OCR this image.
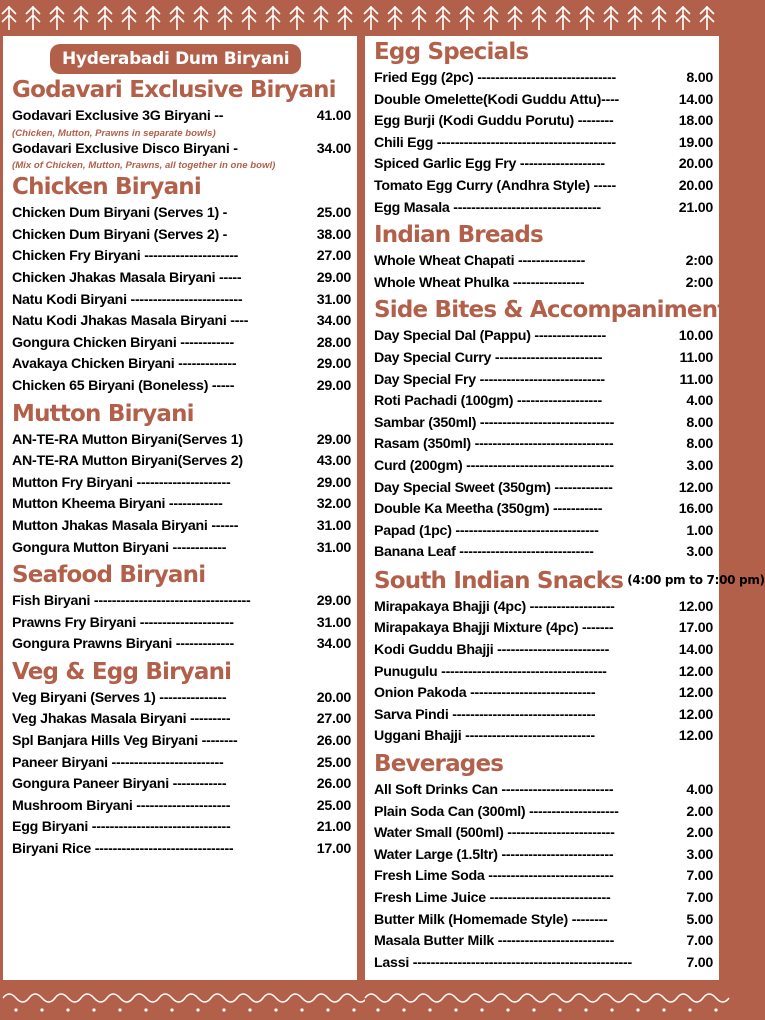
Hyderabadi Dum Biryani
Godavari Exclusive Biryani
Godavari Exclusive 3G Biryani --	41.00
(Chicken, Mutton, Prawns in separate bowls)
Godavari Exclusive Disco Biryani -	34.00
(Mix of Chicken, Mutton, Prawns, all together in one bowl)
Chicken Biryani
Chicken Dum Biryani (Serves 1) -	25.00
Chicken Dum Biryani (Serves 2) -	38.00
Chicken Fry Biryani ---------------------	27.00
Chicken Jhakas Masala Biryani -----	29.00
Natu Kodi Biryani -------------------------	31.00
Natu Kodi Jhakas Masala Biryani ----	34.00
Gongura Chicken Biryani ------------	28.00
Avakaya Chicken Biryani -------------	29.00
Chicken 65 Biryani (Boneless) -----	29.00
Mutton Biryani
AN-TE-RA Mutton Biryani(Serves 1)	29.00
AN-TE-RA Mutton Biryani(Serves 2)	43.00
Mutton Fry Biryani ---------------------	29.00
Mutton Kheema Biryani ------------	32.00
Mutton Jhakas Masala Biryani ------	31.00
Gongura Mutton Biryani ------------	31.00
Seafood Biryani
Fish Biryani -----------------------------------	29.00
Prawns Fry Biryani ---------------------	31.00
Gongura Prawns Biryani -------------	34.00
Veg & Egg Biryani
Veg Biryani (Serves 1) ---------------	20.00
Veg Jhakas Masala Biryani ---------	27.00
Spl Banjara Hills Veg Biryani --------	26.00
Paneer Biryani -------------------------	25.00
Gongura Paneer Biryani ------------	26.00
Mushroom Biryani ---------------------	25.00
Egg Biryani -------------------------------	21.00
Biryani Rice -------------------------------	17.00
Egg Specials
Fried Egg (2pc) -------------------------------	8.00
Double Omelette(Kodi Guddu Attu)----	14.00
Egg Burji (Kodi Guddu Porutu) --------	18.00
Chili Egg ----------------------------------------	19.00
Spiced Garlic Egg Fry -------------------	20.00
Tomato Egg Curry (Andhra Style) -----	20.00
Egg Masala ---------------------------------	21.00
Indian Breads
Whole Wheat Chapati ---------------	2:00
Whole Wheat Phulka ----------------	2:00
Side Bites & Accompaniments
Day Special Dal (Pappu) ----------------	10.00
Day Special Curry ------------------------	11.00
Day Special Fry ----------------------------	11.00
Roti Pachadi (100gm) -------------------	4.00
Sambar (350ml) ------------------------------	8.00
Rasam (350ml) -------------------------------	8.00
Curd (200gm) ---------------------------------	3.00
Day Special Sweet (350gm) -------------	12.00
Double Ka Meetha (350gm) -----------	16.00
Papad (1pc) --------------------------------	1.00
Banana Leaf ------------------------------	3.00
South Indian Snacks (4:00 pm to 7:00 pm)
Mirapakaya Bhajji (4pc) -------------------	12.00
Mirapakaya Bhajji Mixture (4pc) -------	17.00
Kodi Guddu Bhajji -------------------------	14.00
Punugulu -------------------------------------	12.00
Onion Pakoda ----------------------------	12.00
Sarva Pindi --------------------------------	12.00
Uggani Bhajji -----------------------------	12.00
Beverages
All Soft Drinks Can -------------------------	4.00
Plain Soda Can (300ml) --------------------	2.00
Water Small (500ml) ------------------------	2.00
Water Large (1.5ltr) -------------------------	3.00
Fresh Lime Soda ----------------------------	7.00
Fresh Lime Juice ---------------------------	7.00
Butter Milk (Homemade Style) --------	5.00
Masala Butter Milk --------------------------	7.00
Lassi -------------------------------------------------	7.00
